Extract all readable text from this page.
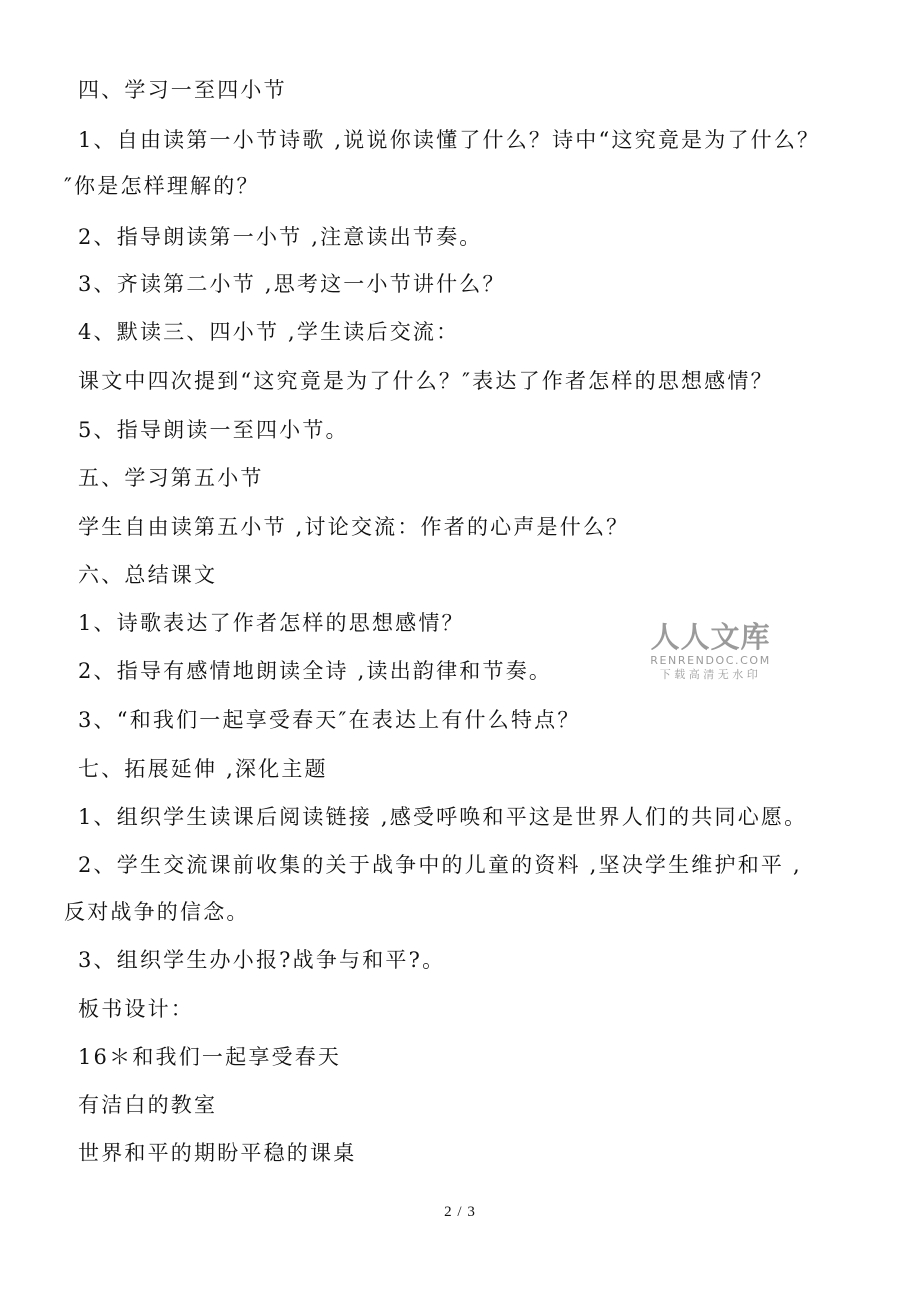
四、学习一至四小节
1、自由读第一小节诗歌 ,说说你读懂了什么？诗中“这究竟是为了什么？
″你是怎样理解的？
2、指导朗读第一小节 ,注意读出节奏。
3、齐读第二小节 ,思考这一小节讲什么？
4、默读三、四小节 ,学生读后交流：
课文中四次提到“这究竟是为了什么？″表达了作者怎样的思想感情？
5、指导朗读一至四小节。
五、学习第五小节
学生自由读第五小节 ,讨论交流：作者的心声是什么？
六、总结课文
1、诗歌表达了作者怎样的思想感情？
2、指导有感情地朗读全诗 ,读出韵律和节奏。
3、“和我们一起享受春天″在表达上有什么特点？
七、拓展延伸 ,深化主题
1、组织学生读课后阅读链接 ,感受呼唤和平这是世界人们的共同心愿。
2、学生交流课前收集的关于战争中的儿童的资料 ,坚决学生维护和平 ,
反对战争的信念。
3、组织学生办小报?战争与和平?。
板书设计：
16＊和我们一起享受春天
有洁白的教室
世界和平的期盼平稳的课桌
人人文库
RENRENDOC.COM
下载高清无水印
2 / 3
